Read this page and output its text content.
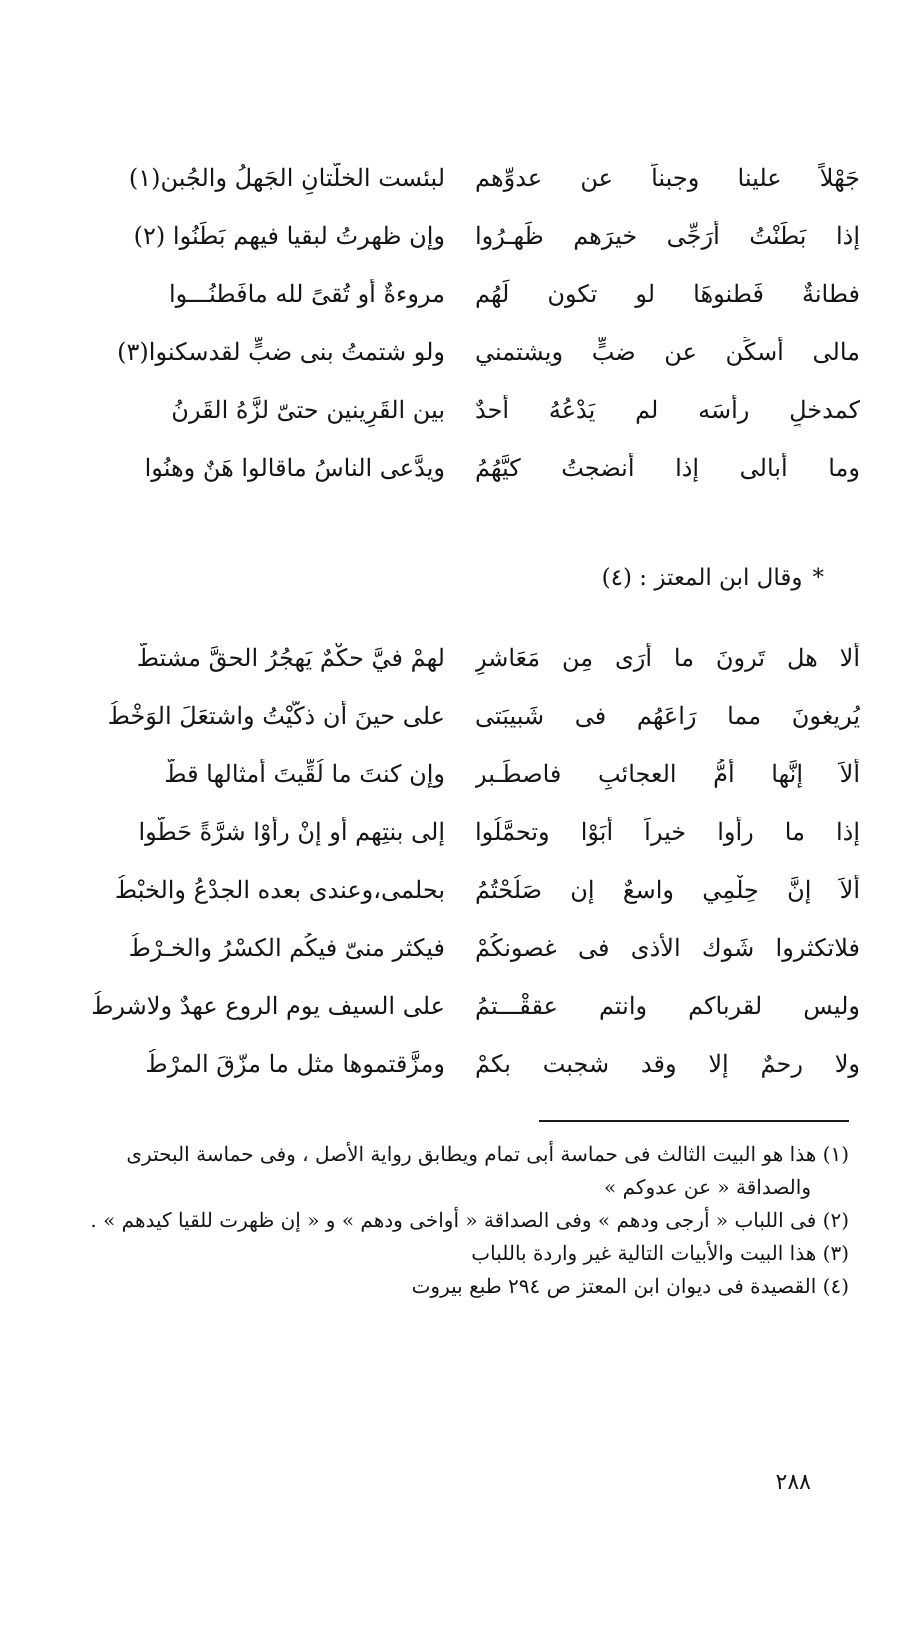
جَهْلاً علينا وجبناً عن عدوِّهم
لبئست الخلّتانِ الجَهلُ والجُبن(١)
إذا بَطَنْتُ أُرَجِّى خيرَهم ظَهـرُوا
وإن ظهرتُ لبقيا فيهم بَطَنُوا (٢)
فطانةٌ فَطنوهَا لو تكون لَهُم
مروءةٌ أو تُقىً لله مافَطنُـــوا
مالى أُسكِّن عن ضبٍّ ويشتمني
ولو شتمتُ بنى ضبٍّ لقدسكنوا(٣)
كمدخلٍ رأسَه لم يَدْعُهُ أحدٌ
بين القَرِينين حتىّ لزَّهُ القَرنُ
وما أُبالى إذا أنضجتُ كيَّهُمُ
ويدَّعى الناسُ ماقالوا هَنٌ وهنُوا
*وقال ابن المعتز : (٤)
ألا هل تَرونَ ما أرَى مِن مَعَاشرٍ
لهمْ فيَّ حكْمٌ يَهجُرُ الحقَّ مشتطٌّ
يُريغونَ مما رَاعَهُم فى شَبيبَتى
على حينَ أن ذكَّيْتُ واشتعَلَ الوَخْطُ
ألاَ إنَّها أمُّ العجائبِ فاصطَـبر
وإن كنتَ ما لُقِّيتَ أمثالها قطٌّ
إذا ما رأوا خيراً أبَوْا وتحمَّلُوا
إلى بنتِهم أو إنْ رأوْا شرَّةً حَطُّوا
ألاَ إنَّ حِلْمِي واسعٌ إن صَلُحْتُمُ
بحلمى،وعندى بعده الجدْعُ والخبْطُ
فلاتكثروا شَوك الأذى فى غصونكُمْ
فيكثر منىّ فيكُم الكسْرُ والخـرْطُ
وليس لقرباكم وانتم عققْـــتمُ
على السيف يوم الروع عهدٌ ولاشرطُ
ولا رحمٌ إلا وقد شجبت بكمْ
ومزَّقتموها مثل ما مزّقَ المرْطُ

(١) هذا هو البيت الثالث فى حماسة أبى تمام ويطابق رواية الأصل ، وفى حماسة البحترى والصداقة « عن عدوكم »

(٢) فى اللباب « أرجى ودهم » وفى الصداقة « أواخى ودهم » و « إن ظهرت للقيا كيدهم » .

(٣) هذا البيت والأبيات التالية غير واردة باللباب

(٤) القصيدة فى ديوان ابن المعتز ص ٢٩٤ طبع بيروت

٢٨٨
